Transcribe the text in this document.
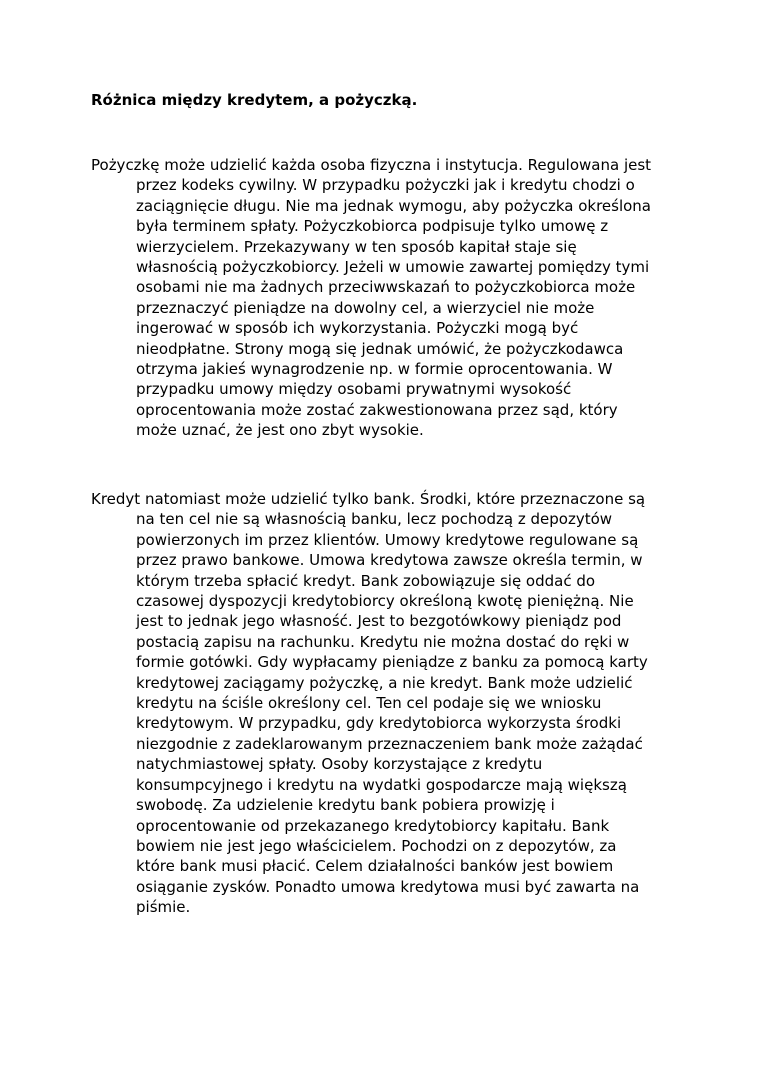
Różnica między kredytem, a pożyczką.

Pożyczkę może udzielić każda osoba fizyczna i instytucja. Regulowana jest
przez kodeks cywilny. W przypadku pożyczki jak i kredytu chodzi o
zaciągnięcie długu. Nie ma jednak wymogu, aby pożyczka określona
była terminem spłaty. Pożyczkobiorca podpisuje tylko umowę z
wierzycielem. Przekazywany w ten sposób kapitał staje się
własnością pożyczkobiorcy. Jeżeli w umowie zawartej pomiędzy tymi
osobami nie ma żadnych przeciwwskazań to pożyczkobiorca może
przeznaczyć pieniądze na dowolny cel, a wierzyciel nie może
ingerować w sposób ich wykorzystania. Pożyczki mogą być
nieodpłatne. Strony mogą się jednak umówić, że pożyczkodawca
otrzyma jakieś wynagrodzenie np. w formie oprocentowania. W
przypadku umowy między osobami prywatnymi wysokość
oprocentowania może zostać zakwestionowana przez sąd, który
może uznać, że jest ono zbyt wysokie.

Kredyt natomiast może udzielić tylko bank. Środki, które przeznaczone są
na ten cel nie są własnością banku, lecz pochodzą z depozytów
powierzonych im przez klientów. Umowy kredytowe regulowane są
przez prawo bankowe. Umowa kredytowa zawsze określa termin, w
którym trzeba spłacić kredyt. Bank zobowiązuje się oddać do
czasowej dyspozycji kredytobiorcy określoną kwotę pieniężną. Nie
jest to jednak jego własność. Jest to bezgotówkowy pieniądz pod
postacią zapisu na rachunku. Kredytu nie można dostać do ręki w
formie gotówki. Gdy wypłacamy pieniądze z banku za pomocą karty
kredytowej zaciągamy pożyczkę, a nie kredyt. Bank może udzielić
kredytu na ściśle określony cel. Ten cel podaje się we wniosku
kredytowym. W przypadku, gdy kredytobiorca wykorzysta środki
niezgodnie z zadeklarowanym przeznaczeniem bank może zażądać
natychmiastowej spłaty. Osoby korzystające z kredytu
konsumpcyjnego i kredytu na wydatki gospodarcze mają większą
swobodę. Za udzielenie kredytu bank pobiera prowizję i
oprocentowanie od przekazanego kredytobiorcy kapitału. Bank
bowiem nie jest jego właścicielem. Pochodzi on z depozytów, za
które bank musi płacić. Celem działalności banków jest bowiem
osiąganie zysków. Ponadto umowa kredytowa musi być zawarta na
piśmie.
